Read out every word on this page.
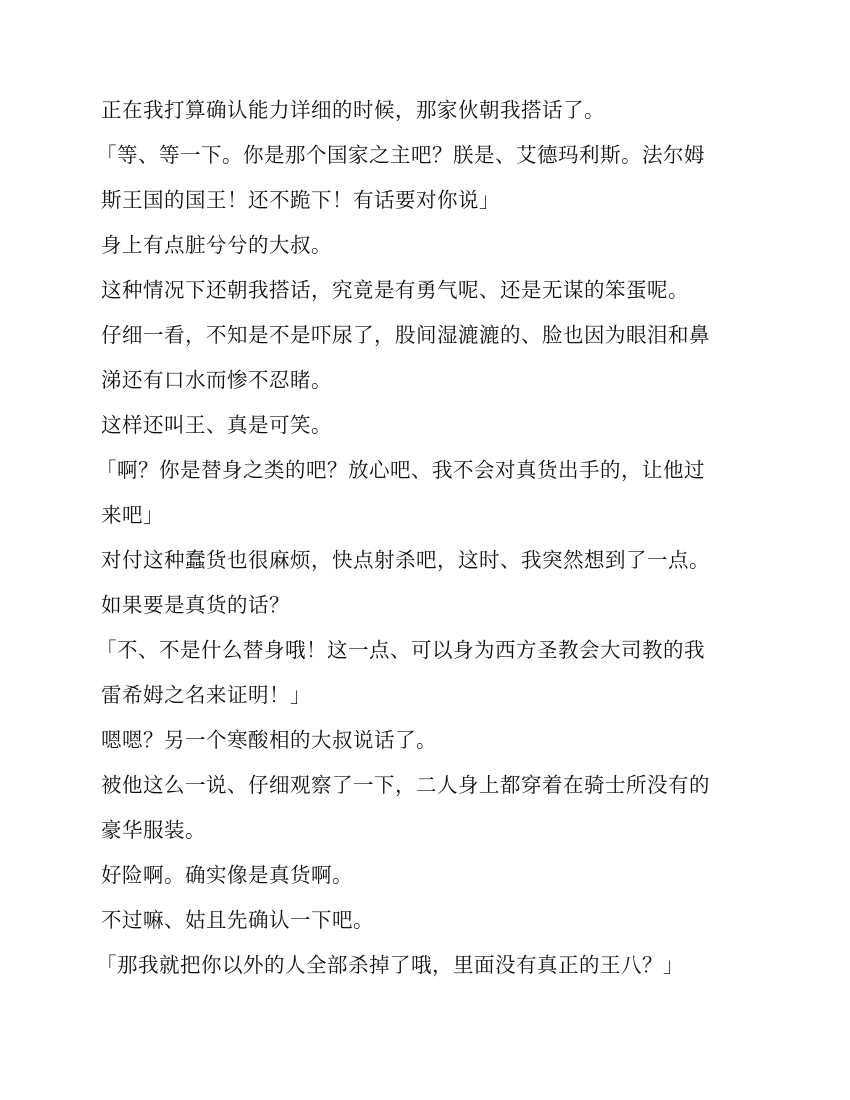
正在我打算确认能力详细的时候，那家伙朝我搭话了。
「等、等一下。你是那个国家之主吧？朕是、艾德玛利斯。法尔姆
斯王国的国王！还不跪下！有话要对你说」
身上有点脏兮兮的大叔。
这种情况下还朝我搭话，究竟是有勇气呢、还是无谋的笨蛋呢。
仔细一看，不知是不是吓尿了，股间湿漉漉的、脸也因为眼泪和鼻
涕还有口水而惨不忍睹。
这样还叫王、真是可笑。
「啊？你是替身之类的吧？放心吧、我不会对真货出手的，让他过
来吧」
对付这种蠢货也很麻烦，快点射杀吧，这时、我突然想到了一点。
如果要是真货的话？
「不、不是什么替身哦！这一点、可以身为西方圣教会大司教的我
雷希姆之名来证明！」
嗯嗯？另一个寒酸相的大叔说话了。
被他这么一说、仔细观察了一下，二人身上都穿着在骑士所没有的
豪华服装。
好险啊。确实像是真货啊。
不过嘛、姑且先确认一下吧。
「那我就把你以外的人全部杀掉了哦，里面没有真正的王八？」
